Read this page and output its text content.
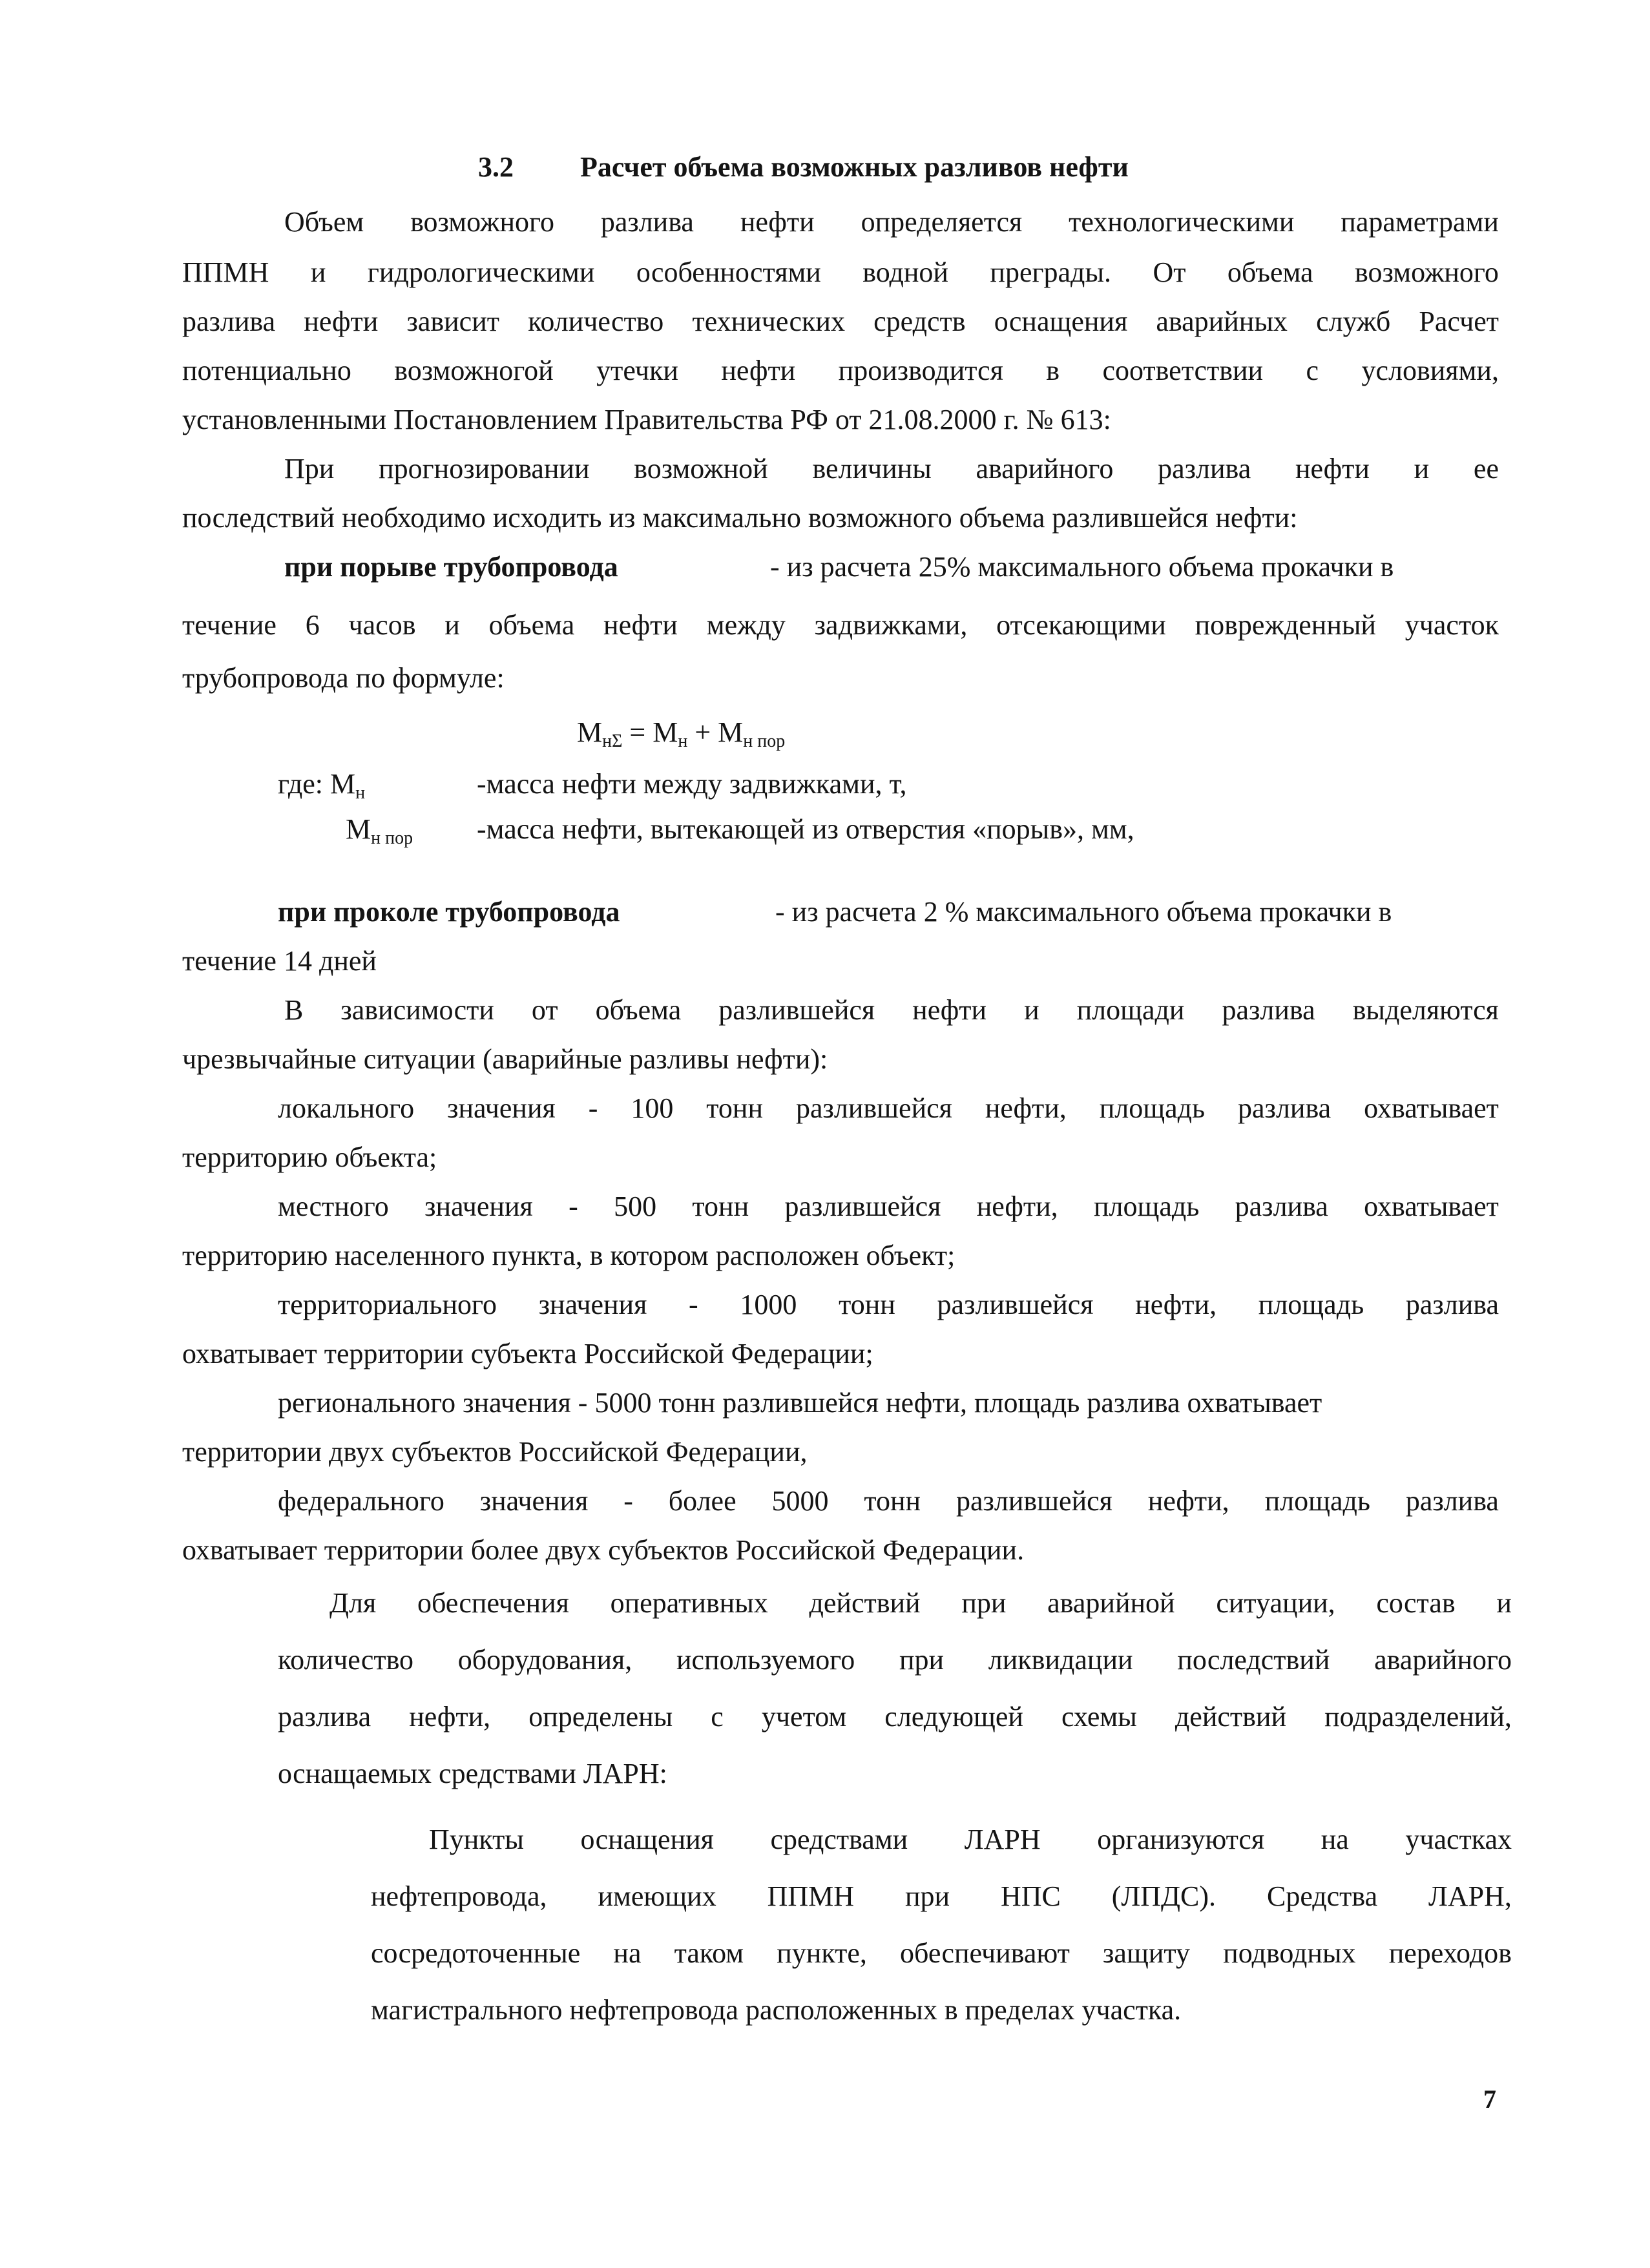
3.2 Расчет объема возможных разливов нефти
Объем возможного разлива нефти определяется технологическими параметрами
ППМН и гидрологическими особенностями водной преграды. От объема возможного
разлива нефти зависит количество технических средств оснащения аварийных служб Расчет
потенциально возможногой утечки нефти производится в соответствии с условиями,
установленными Постановлением Правительства РФ от 21.08.2000 г. № 613:
При прогнозировании возможной величины аварийного разлива нефти и ее
последствий необходимо исходить из максимально возможного объема разлившейся нефти:
при порыве трубопровода	- из расчета 25% максимального объема прокачки в
течение 6 часов и объема нефти между задвижками, отсекающими поврежденный участок
трубопровода по формуле:
$М_{н\Sigma} = М_н + М_{н пор}$
где: $М_н$	-масса нефти между задвижками, т,
$М_{н пор}$ -масса нефти, вытекающей из отверстия «порыв», мм,
при проколе трубопровода	- из расчета 2 % максимального объема прокачки в
течение 14 дней
В зависимости от объема разлившейся нефти и площади разлива выделяются
чрезвычайные ситуации (аварийные разливы нефти):
локального значения - 100 тонн разлившейся нефти, площадь разлива охватывает
территорию объекта;
местного значения - 500 тонн разлившейся нефти, площадь разлива охватывает
территорию населенного пункта, в котором расположен объект;
территориального значения - 1000 тонн разлившейся нефти, площадь разлива
охватывает территории субъекта Российской Федерации;
регионального значения - 5000 тонн разлившейся нефти, площадь разлива охватывает
территории двух субъектов Российской Федерации,
федерального значения - более 5000 тонн разлившейся нефти, площадь разлива
охватывает территории более двух субъектов Российской Федерации.
Для обеспечения оперативных действий при аварийной ситуации, состав и
количество оборудования, используемого при ликвидации последствий аварийного
разлива нефти, определены с учетом следующей схемы действий подразделений,
оснащаемых средствами ЛАРН:
Пункты оснащения средствами ЛАРН организуются на участках
нефтепровода, имеющих ППМН при НПС (ЛПДС). Средства ЛАРН,
сосредоточенные на таком пункте, обеспечивают защиту подводных переходов
магистрального нефтепровода расположенных в пределах участка.
7
